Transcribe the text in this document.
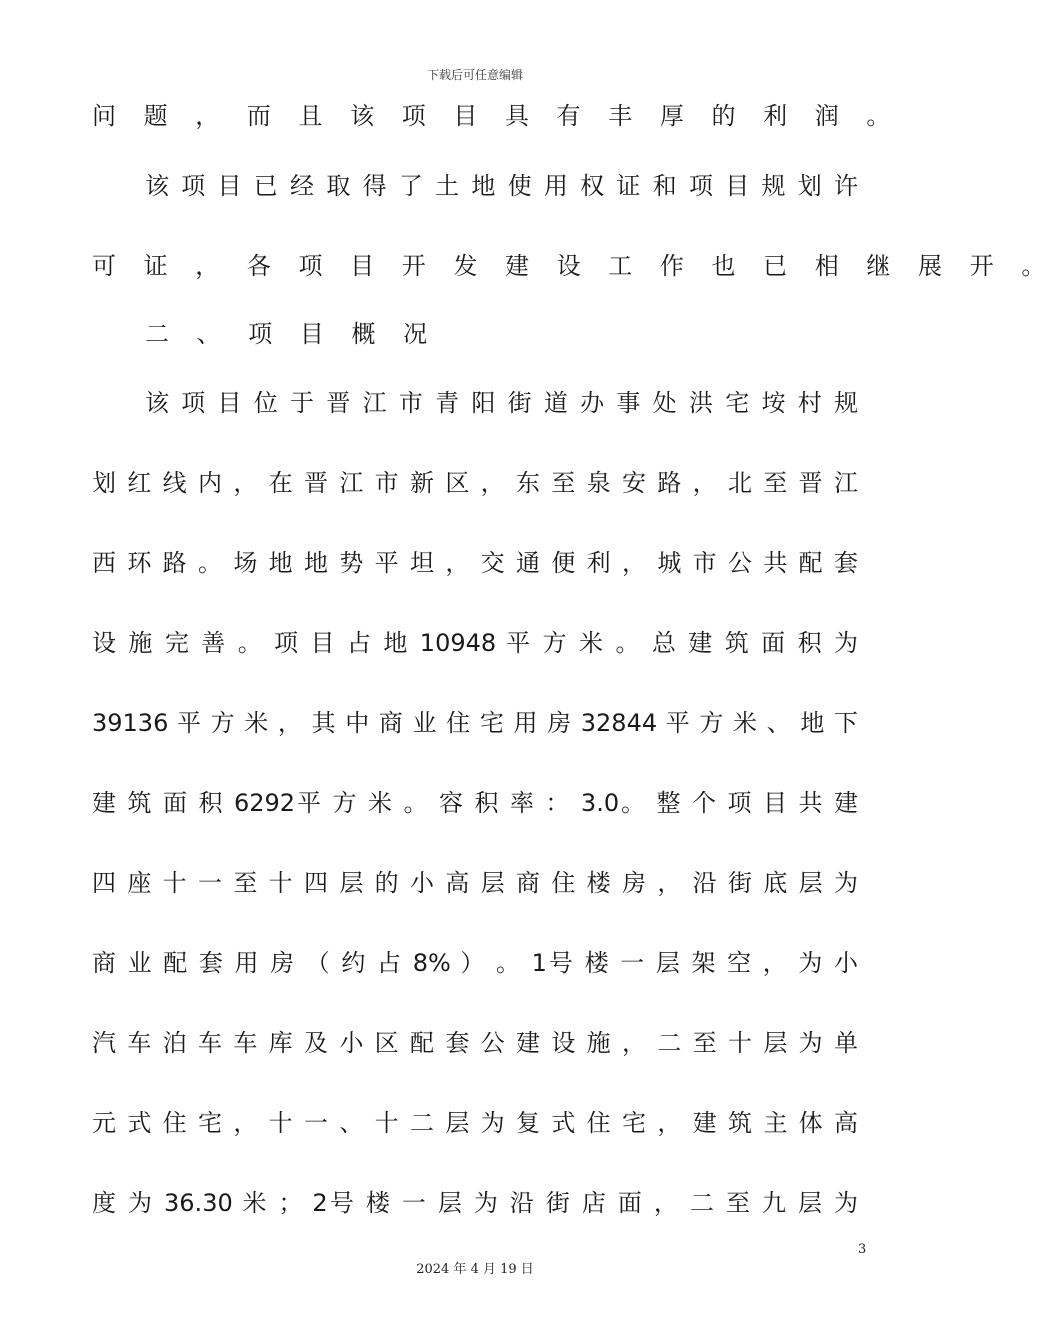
下载后可任意编辑
问 题 ， 而 且 该 项 目 具 有 丰 厚 的 利 润 。
该 项 目 已 经 取 得 了 土 地 使 用 权 证 和 项 目 规 划 许
可 证 ， 各 项 目 开 发 建 设 工 作 也 已 相 继 展 开 。
二 、 项 目 概 况
该 项 目 位 于 晋 江 市 青 阳 街 道 办 事 处 洪 宅 垵 村 规
划 红 线 内 ， 在 晋 江 市 新 区 ， 东 至 泉 安 路 ， 北 至 晋 江
西 环 路 。 场 地 地 势 平 坦 ， 交 通 便 利 ， 城 市 公 共 配 套
设 施 完 善 。 项 目 占 地 10948 平 方 米 。 总 建 筑 面 积 为
39136 平 方 米 ， 其 中 商 业 住 宅 用 房 32844 平 方 米 、 地 下
建 筑 面 积 6292平 方 米 。 容 积 率 ： 3.0。 整 个 项 目 共 建
四 座 十 一 至 十 四 层 的 小 高 层 商 住 楼 房 ， 沿 街 底 层 为
商 业 配 套 用 房 （ 约 占 8% ） 。 1号 楼 一 层 架 空 ， 为 小
汽 车 泊 车 车 库 及 小 区 配 套 公 建 设 施 ， 二 至 十 层 为 单
元 式 住 宅 ， 十 一 、 十 二 层 为 复 式 住 宅 ， 建 筑 主 体 高
度 为 36.30 米 ； 2号 楼 一 层 为 沿 街 店 面 ， 二 至 九 层 为
3
2024 年 4 月 19 日
